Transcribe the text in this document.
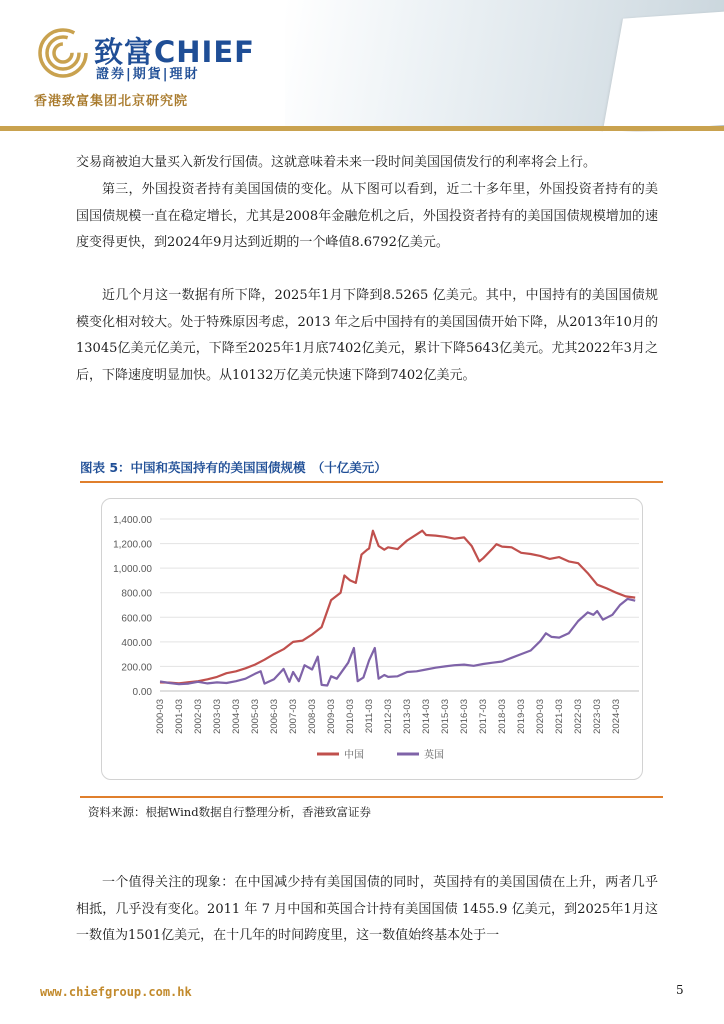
致富CHIEF
證券|期貨|理財
香港致富集团北京研究院

交易商被迫大量买入新发行国债。这就意味着未来一段时间美国国债发行的利率将会上行。

第三，外国投资者持有美国国债的变化。从下图可以看到，近二十多年里，外国投资者持有的美国国债规模一直在稳定增长，尤其是2008年金融危机之后，外国投资者持有的美国国债规模增加的速度变得更快，到2024年9月达到近期的一个峰值8.6792亿美元。

近几个月这一数据有所下降，2025年1月下降到8.5265 亿美元。其中，中国持有的美国国债规模变化相对较大。处于特殊原因考虑，2013 年之后中国持有的美国国债开始下降，从2013年10月的13045亿美元亿美元，下降至2025年1月底7402亿美元，累计下降5643亿美元。尤其2022年3月之后，下降速度明显加快。从10132万亿美元快速下降到7402亿美元。

图表 5：中国和英国持有的美国国债规模　（十亿美元）
0.00
200.00
400.00
600.00
800.00
1,000.00
1,200.00
1,400.00
2000-03 2001-03 2002-03 2003-03 2004-03 2005-03 2006-03 2007-03 2008-03 2009-03 2010-03 2011-03 2012-03 2013-03 2014-03 2015-03 2016-03 2017-03 2018-03 2019-03 2020-03 2021-03 2022-03 2023-03 2024-03
中国	英国
资料来源：根据Wind数据自行整理分析，香港致富证券

一个值得关注的现象：在中国减少持有美国国债的同时，英国持有的美国国债在上升，两者几乎相抵，几乎没有变化。2011 年 7 月中国和英国合计持有美国国债 1455.9 亿美元，到2025年1月这一数值为1501亿美元，在十几年的时间跨度里，这一数值始终基本处于一

www.chiefgroup.com.hk	5
